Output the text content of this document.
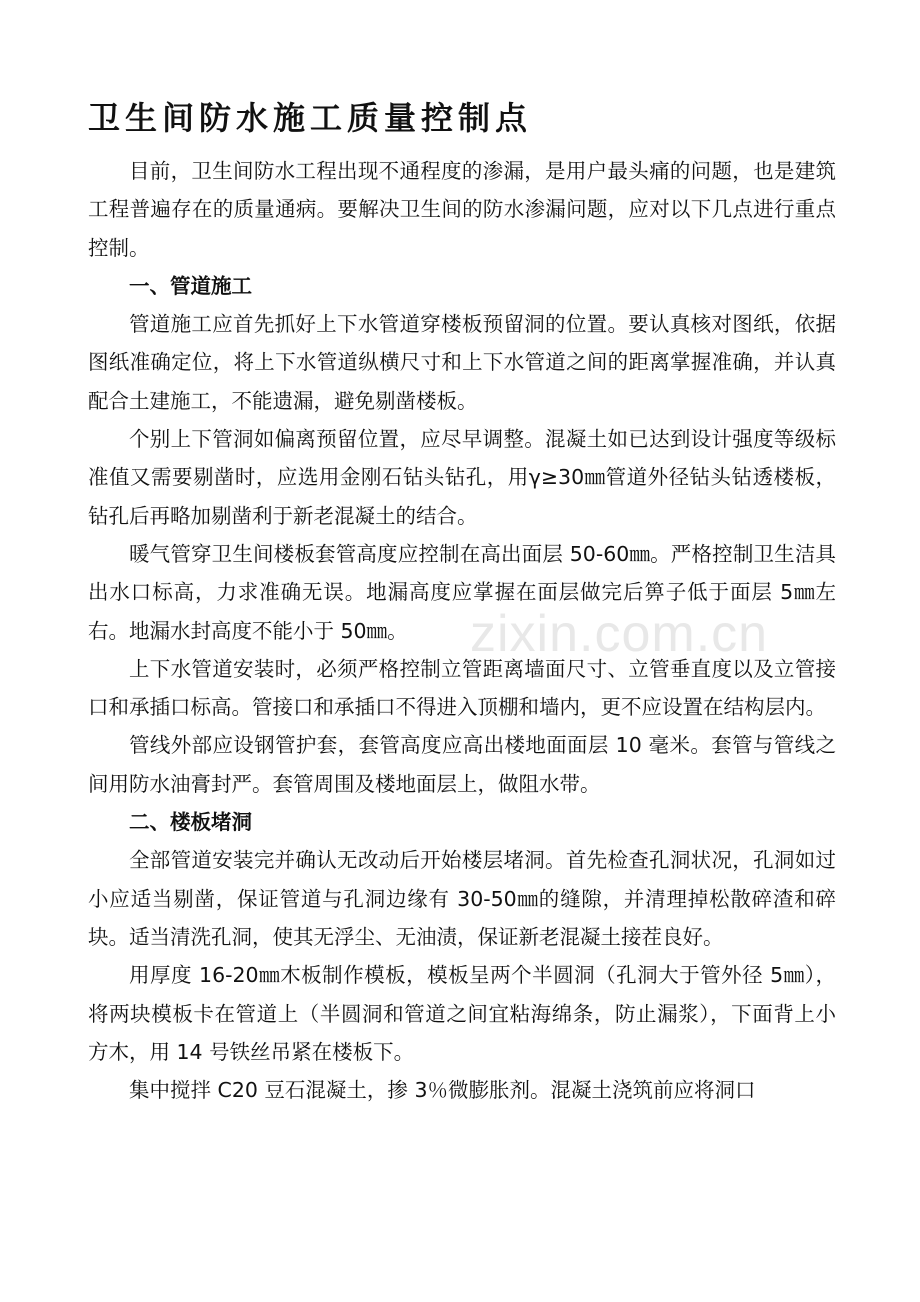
zixin.com.cn
卫生间防水施工质量控制点

目前，卫生间防水工程出现不通程度的渗漏，是用户最头痛的问题，也是建筑工程普遍存在的质量通病。要解决卫生间的防水渗漏问题，应对以下几点进行重点控制。

一、管道施工

管道施工应首先抓好上下水管道穿楼板预留洞的位置。要认真核对图纸，依据图纸准确定位，将上下水管道纵横尺寸和上下水管道之间的距离掌握准确，并认真配合土建施工，不能遗漏，避免剔凿楼板。

个别上下管洞如偏离预留位置，应尽早调整。混凝土如已达到设计强度等级标准值又需要剔凿时，应选用金刚石钻头钻孔，用γ≥30㎜管道外径钻头钻透楼板，钻孔后再略加剔凿利于新老混凝土的结合。

暖气管穿卫生间楼板套管高度应控制在高出面层 50-60㎜。严格控制卫生洁具出水口标高，力求准确无误。地漏高度应掌握在面层做完后箅子低于面层 5㎜左右。地漏水封高度不能小于 50㎜。

上下水管道安装时，必须严格控制立管距离墙面尺寸、立管垂直度以及立管接口和承插口标高。管接口和承插口不得进入顶棚和墙内，更不应设置在结构层内。

管线外部应设钢管护套，套管高度应高出楼地面面层 10 毫米。套管与管线之间用防水油膏封严。套管周围及楼地面层上，做阻水带。

二、楼板堵洞

全部管道安装完并确认无改动后开始楼层堵洞。首先检查孔洞状况，孔洞如过小应适当剔凿，保证管道与孔洞边缘有 30-50㎜的缝隙，并清理掉松散碎渣和碎块。适当清洗孔洞，使其无浮尘、无油渍，保证新老混凝土接茬良好。

用厚度 16-20㎜木板制作模板，模板呈两个半圆洞（孔洞大于管外径 5㎜），将两块模板卡在管道上（半圆洞和管道之间宜粘海绵条，防止漏浆），下面背上小方木，用 14 号铁丝吊紧在楼板下。

集中搅拌 C20 豆石混凝土，掺 3％微膨胀剂。混凝土浇筑前应将洞口
